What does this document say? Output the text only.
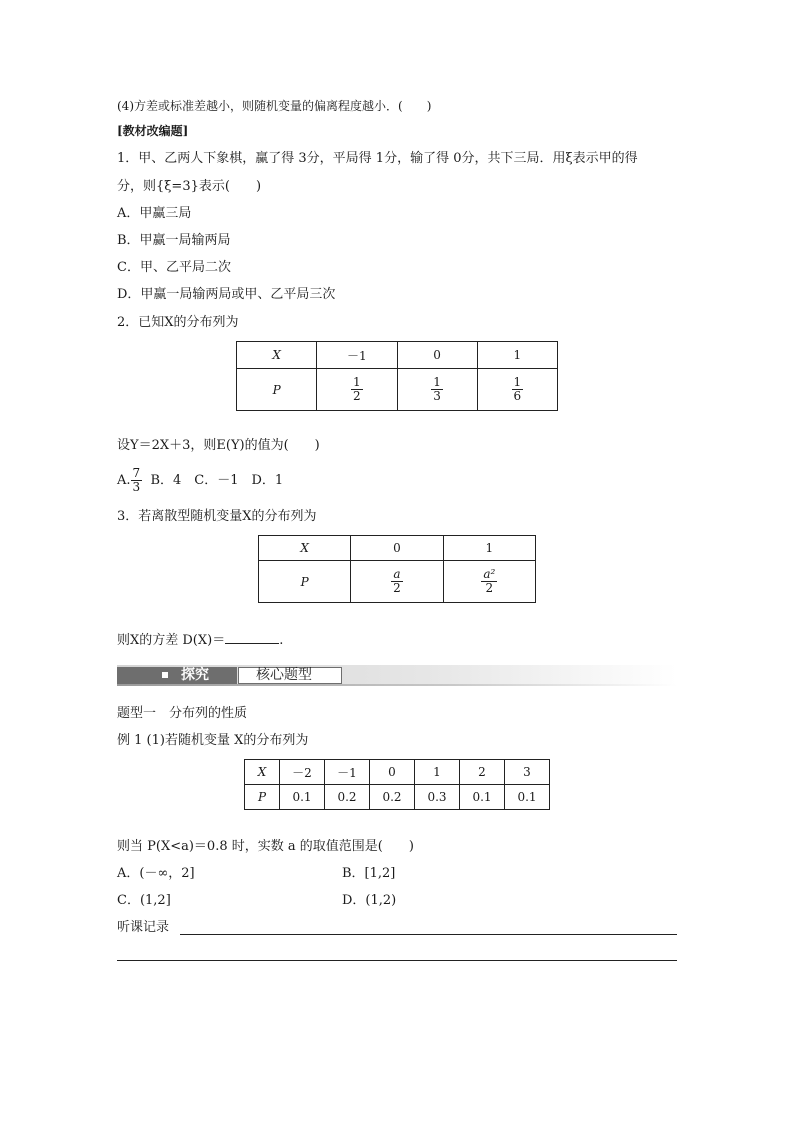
(4)方差或标准差越小，则随机变量的偏离程度越小．(　　)
[教材改编题]
1．甲、乙两人下象棋，赢了得 3分，平局得 1分，输了得 0分，共下三局．用ξ表示甲的得
分，则{ξ=3}表示(　　)
A．甲赢三局
B．甲赢一局输两局
C．甲、乙平局二次
D．甲赢一局输两局或甲、乙平局三次
2．已知X的分布列为
X	－1	0	1
P	$\frac{1}{2}$	$\frac{1}{3}$	$\frac{1}{6}$
设Y＝2X＋3，则E(Y)的值为(　　)
A. $\frac{7}{3}$ B．4　C．－1　D．1
3．若离散型随机变量X的分布列为
X	0	1
P	$\frac{a}{2}$	$\frac{\text{a²}}{2}$
则X的方差 D(X)＝	.
探究	核心题型
题型一　分布列的性质
例 1 (1)若随机变量 X的分布列为
X	－2	－1	0	1	2	3
P	0.1	0.2	0.2	0.3	0.1	0.1
则当 P(X<a)＝0.8 时，实数 a 的取值范围是(　　)
A．(－∞，2]	B．[1,2]
C．(1,2]	D．(1,2)
听课记录
